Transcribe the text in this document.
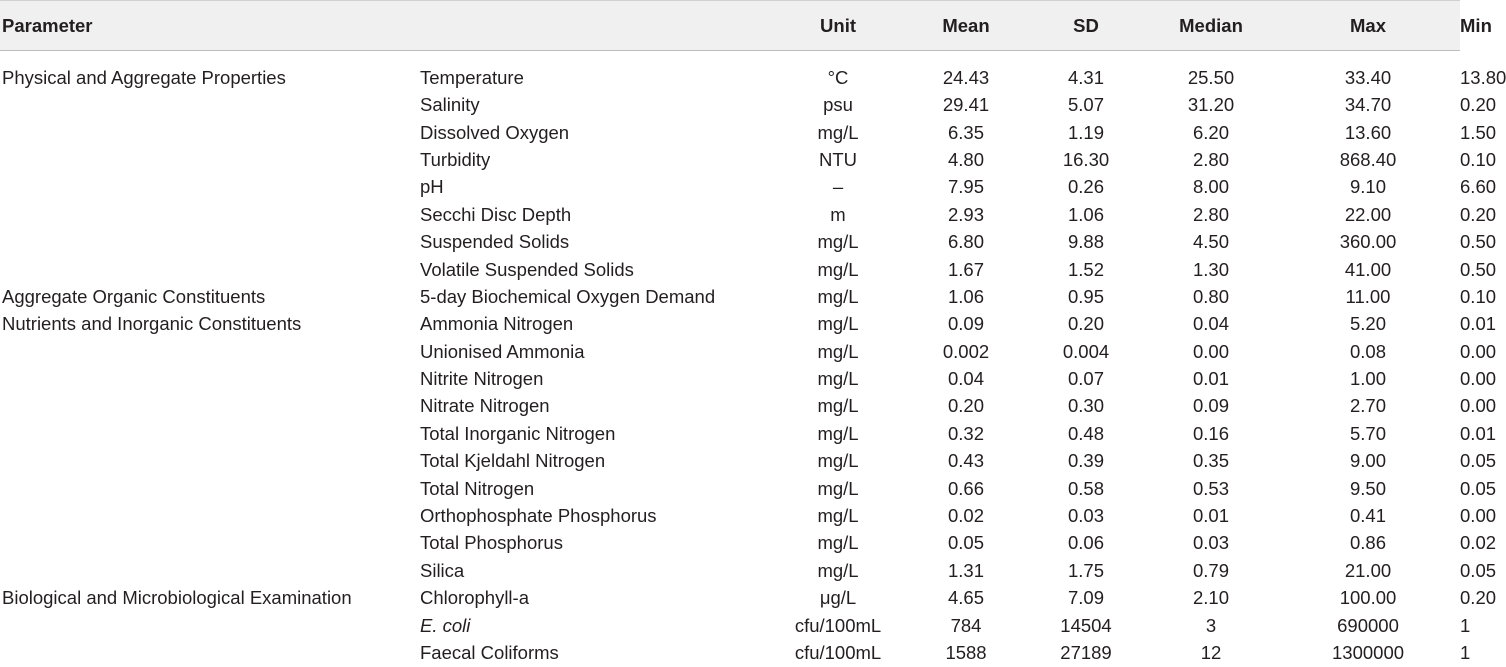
Parameter		Unit	Mean	SD	Median	Max	Min
Physical and Aggregate Properties	Temperature	°C	24.43	4.31	25.50	33.40	13.80
	Salinity	psu	29.41	5.07	31.20	34.70	0.20
	Dissolved Oxygen	mg/L	6.35	1.19	6.20	13.60	1.50
	Turbidity	NTU	4.80	16.30	2.80	868.40	0.10
	pH	–	7.95	0.26	8.00	9.10	6.60
	Secchi Disc Depth	m	2.93	1.06	2.80	22.00	0.20
	Suspended Solids	mg/L	6.80	9.88	4.50	360.00	0.50
	Volatile Suspended Solids	mg/L	1.67	1.52	1.30	41.00	0.50
Aggregate Organic Constituents	5-day Biochemical Oxygen Demand	mg/L	1.06	0.95	0.80	11.00	0.10
Nutrients and Inorganic Constituents	Ammonia Nitrogen	mg/L	0.09	0.20	0.04	5.20	0.01
	Unionised Ammonia	mg/L	0.002	0.004	0.00	0.08	0.00
	Nitrite Nitrogen	mg/L	0.04	0.07	0.01	1.00	0.00
	Nitrate Nitrogen	mg/L	0.20	0.30	0.09	2.70	0.00
	Total Inorganic Nitrogen	mg/L	0.32	0.48	0.16	5.70	0.01
	Total Kjeldahl Nitrogen	mg/L	0.43	0.39	0.35	9.00	0.05
	Total Nitrogen	mg/L	0.66	0.58	0.53	9.50	0.05
	Orthophosphate Phosphorus	mg/L	0.02	0.03	0.01	0.41	0.00
	Total Phosphorus	mg/L	0.05	0.06	0.03	0.86	0.02
	Silica	mg/L	1.31	1.75	0.79	21.00	0.05
Biological and Microbiological Examination	Chlorophyll-a	μg/L	4.65	7.09	2.10	100.00	0.20
	E. coli	cfu/100mL	784	14504	3	690000	1
	Faecal Coliforms	cfu/100mL	1588	27189	12	1300000	1
